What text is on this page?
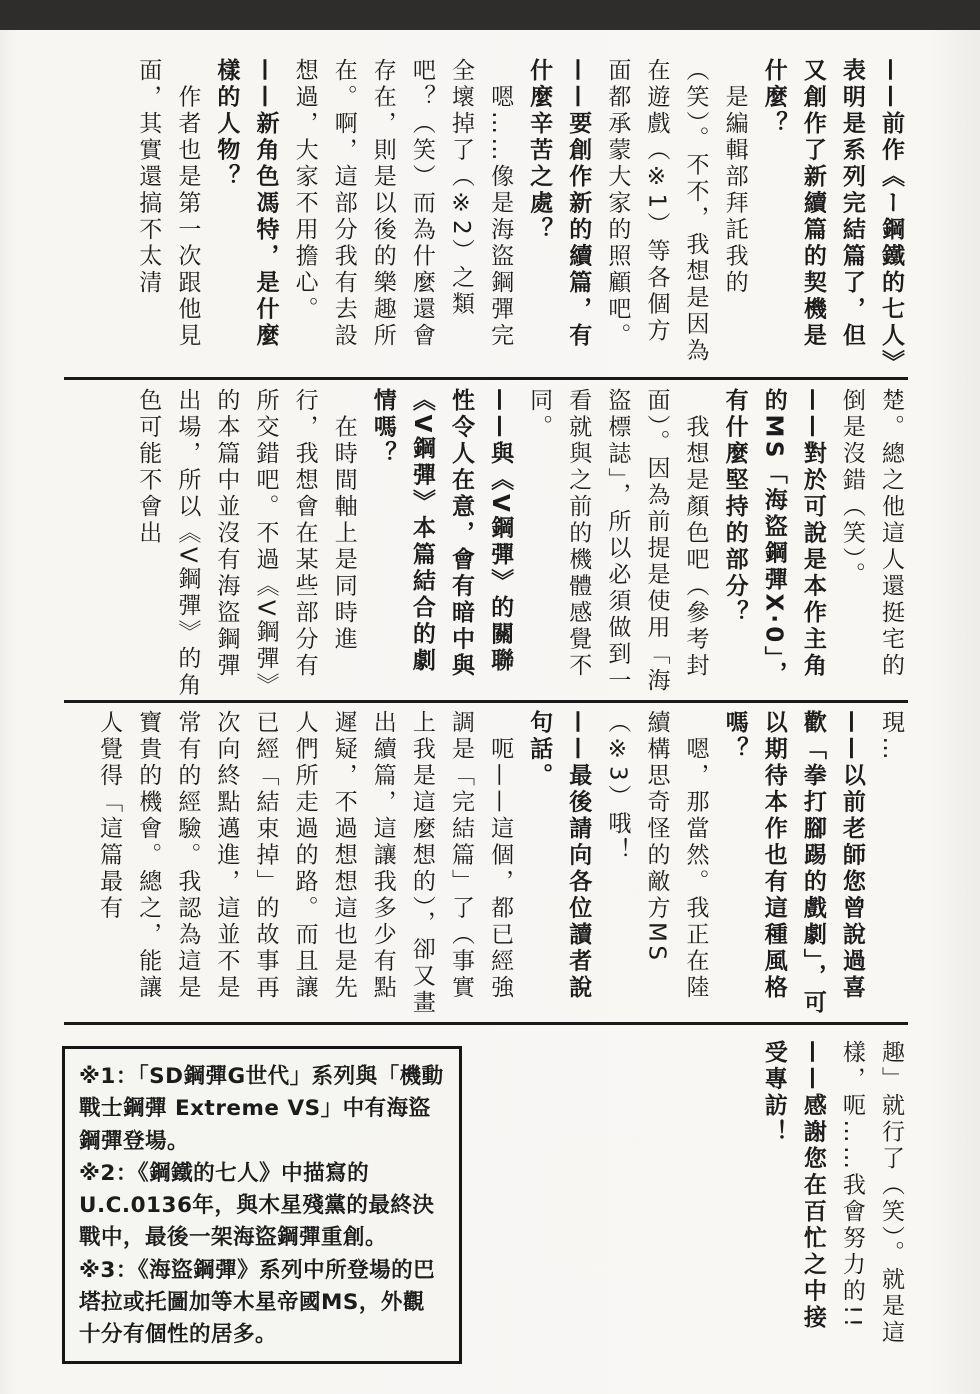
——前作《ー鋼鐵的七人》表明是系列完結篇了，但又創作了新續篇的契機是什麼？

　是編輯部拜託我的（笑）。不不，我想是因為在遊戲（※1）等各個方面都承蒙大家的照顧吧。

——要創作新的續篇，有什麼辛苦之處？

　嗯……像是海盜鋼彈完全壞掉了（※2）之類吧？（笑）而為什麼還會存在，則是以後的樂趣所在。啊，這部分我有去設想過，大家不用擔心。

——新角色馮特，是什麼樣的人物？

　作者也是第一次跟他見面，其實還搞不太清

楚。總之他這人還挺宅的倒是沒錯（笑）。

——對於可說是本作主角的MS「海盜鋼彈X‧0」，有什麼堅持的部分？

　我想是顏色吧（參考封面）。因為前提是使用「海盜標誌」，所以必須做到一看就與之前的機體感覺不同。

——與《V鋼彈》的關聯性令人在意，會有暗中與《V鋼彈》本篇結合的劇情嗎？

　在時間軸上是同時進行，我想會在某些部分有所交錯吧。不過《V鋼彈》的本篇中並沒有海盜鋼彈出場，所以《V鋼彈》的角色可能不會出

現…

——以前老師您曾說過喜歡「拳打腳踢的戲劇」，可以期待本作也有這種風格嗎？

　嗯，那當然。我正在陸續構思奇怪的敵方MS（※3）哦！

——最後請向各位讀者說句話。

　呃——這個，都已經強調是「完結篇」了（事實上我是這麼想的），卻又畫出續篇，這讓我多少有點遲疑，不過想想這也是先人們所走過的路。而且讓已經「結束掉」的故事再次向終點邁進，這並不是常有的經驗。我認為這是寶貴的機會。總之，能讓人覺得「這篇最有

趣」就行了（笑）。就是這樣，呃……我會努力的!!

——感謝您在百忙之中接受專訪！

※1：「SD鋼彈G世代」系列與「機動戰士鋼彈 Extreme VS」中有海盜鋼彈登場。

※2：《鋼鐵的七人》中描寫的U.C.0136年，與木星殘黨的最終決戰中，最後一架海盜鋼彈重創。

※3：《海盜鋼彈》系列中所登場的巴塔拉或托圖加等木星帝國MS，外觀十分有個性的居多。
